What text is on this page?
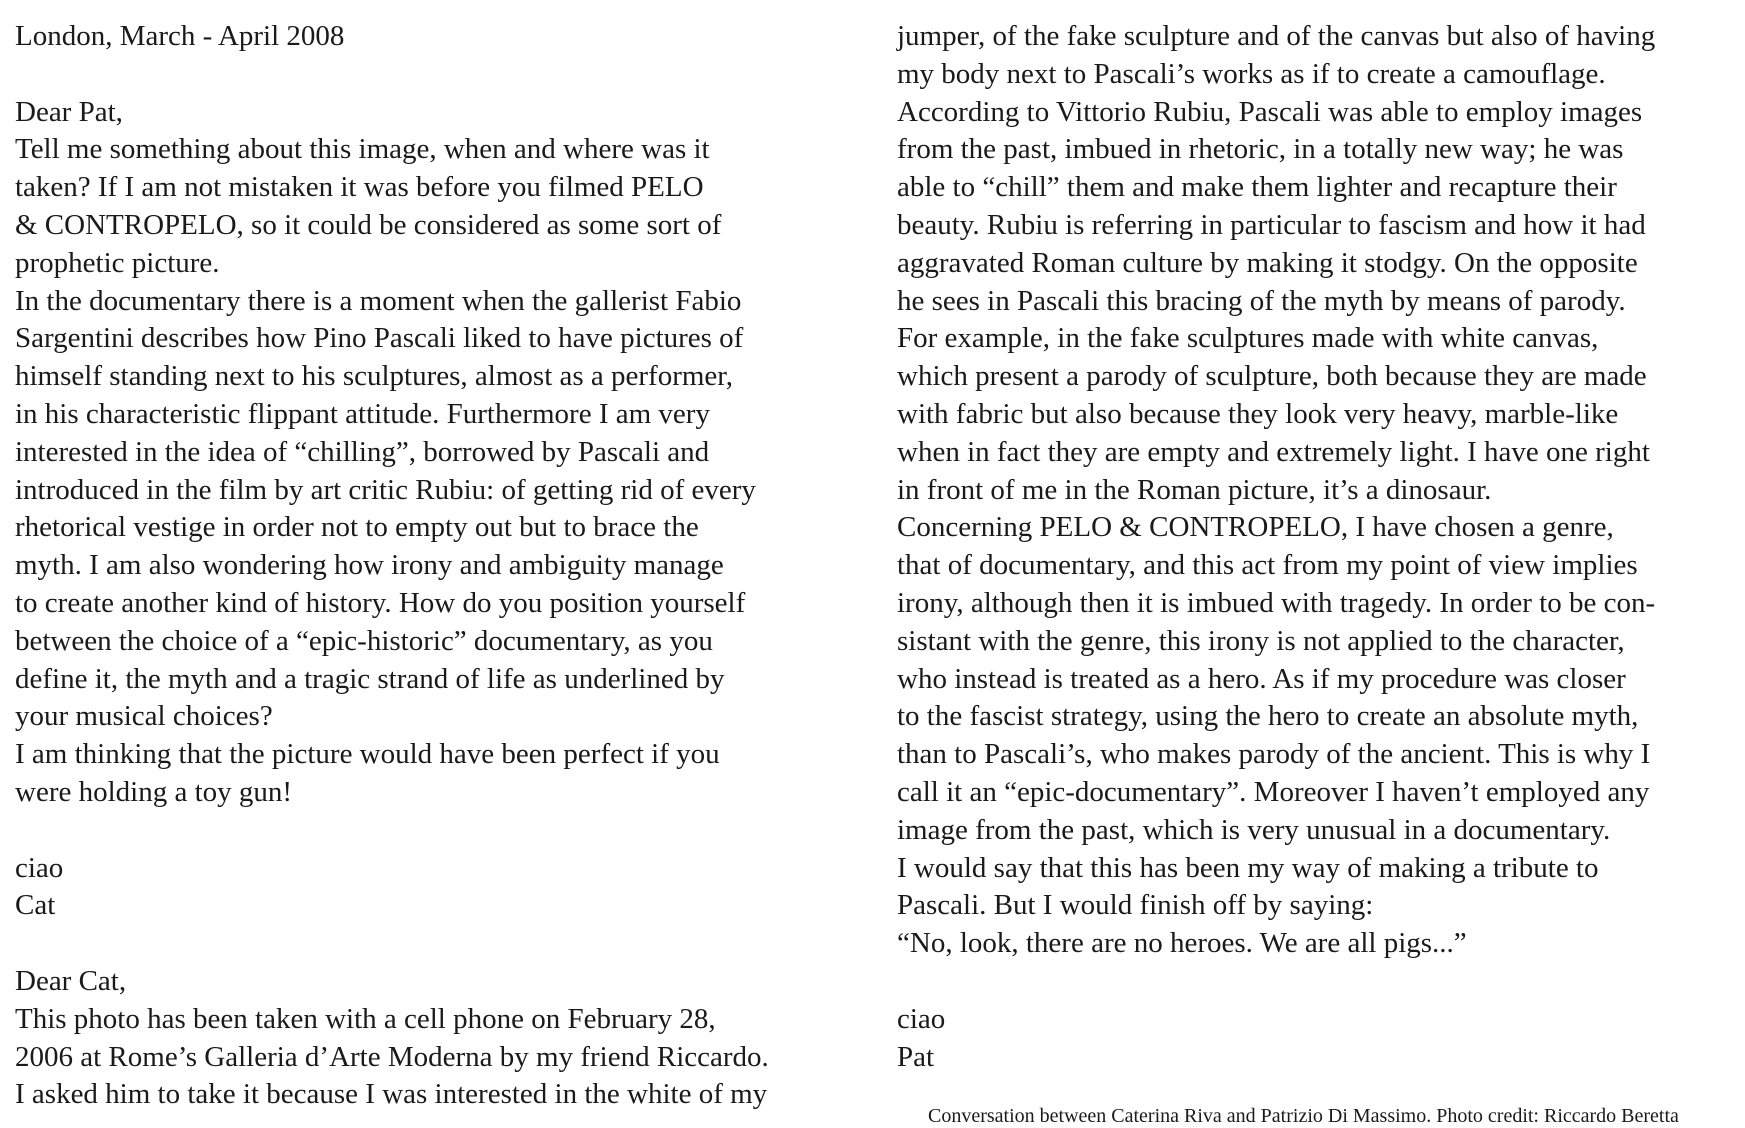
London, March - April 2008
Dear Pat,
Tell me something about this image, when and where was it
taken? If I am not mistaken it was before you filmed PELO
& CONTROPELO, so it could be considered as some sort of
prophetic picture.
In the documentary there is a moment when the gallerist Fabio
Sargentini describes how Pino Pascali liked to have pictures of
himself standing next to his sculptures, almost as a performer,
in his characteristic flippant attitude. Furthermore I am very
interested in the idea of “chilling”, borrowed by Pascali and
introduced in the film by art critic Rubiu: of getting rid of every
rhetorical vestige in order not to empty out but to brace the
myth. I am also wondering how irony and ambiguity manage
to create another kind of history. How do you position yourself
between the choice of a “epic-historic” documentary, as you
define it, the myth and a tragic strand of life as underlined by
your musical choices?
I am thinking that the picture would have been perfect if you
were holding a toy gun!
ciao
Cat
Dear Cat,
This photo has been taken with a cell phone on February 28,
2006 at Rome’s Galleria d’Arte Moderna by my friend Riccardo.
I asked him to take it because I was interested in the white of my
jumper, of the fake sculpture and of the canvas but also of having
my body next to Pascali’s works as if to create a camouflage.
According to Vittorio Rubiu, Pascali was able to employ images
from the past, imbued in rhetoric, in a totally new way; he was
able to “chill” them and make them lighter and recapture their
beauty. Rubiu is referring in particular to fascism and how it had
aggravated Roman culture by making it stodgy. On the opposite
he sees in Pascali this bracing of the myth by means of parody.
For example, in the fake sculptures made with white canvas,
which present a parody of sculpture, both because they are made
with fabric but also because they look very heavy, marble-like
when in fact they are empty and extremely light. I have one right
in front of me in the Roman picture, it’s a dinosaur.
Concerning PELO & CONTROPELO, I have chosen a genre,
that of documentary, and this act from my point of view implies
irony, although then it is imbued with tragedy. In order to be con-
sistant with the genre, this irony is not applied to the character,
who instead is treated as a hero. As if my procedure was closer
to the fascist strategy, using the hero to create an absolute myth,
than to Pascali’s, who makes parody of the ancient. This is why I
call it an “epic-documentary”. Moreover I haven’t employed any
image from the past, which is very unusual in a documentary.
I would say that this has been my way of making a tribute to
Pascali. But I would finish off by saying:
“No, look, there are no heroes. We are all pigs...”
ciao
Pat
Conversation between Caterina Riva and Patrizio Di Massimo. Photo credit: Riccardo Beretta
